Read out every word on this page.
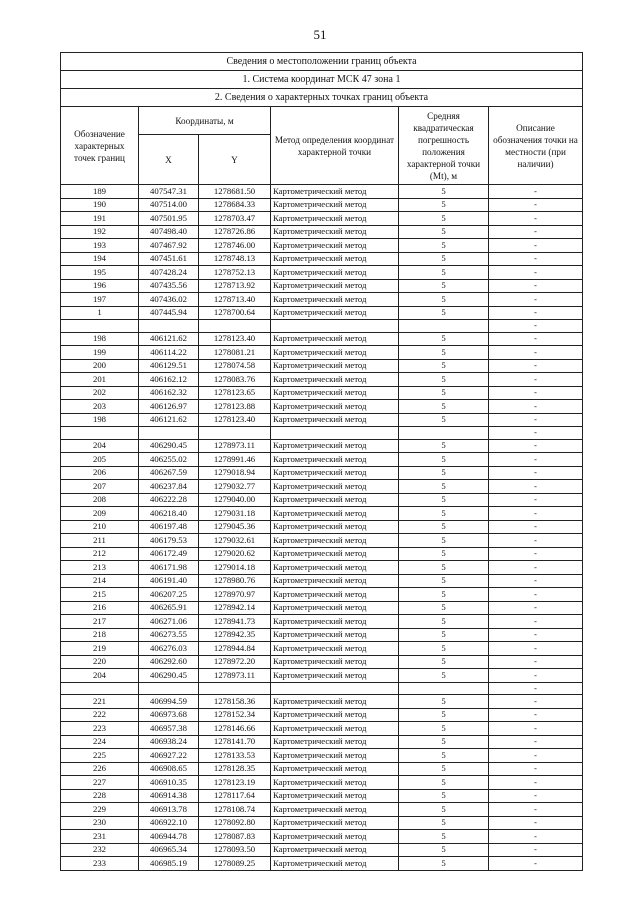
51
Сведения о местоположении границ объекта					
1. Система координат МСК 47 зона 1					
2. Сведения о характерных точках границ объекта					
Обозначение характерных точек границ	Координаты, м		Метод определения координат характерной точки	Средняя квадратическая погрешность положения характерной точки (Mt), м	Описание обозначения точки на местности (при наличии)
	X	Y			
189	407547.31	1278681.50	Картометрический метод	5	-
190	407514.00	1278684.33	Картометрический метод	5	-
191	407501.95	1278703.47	Картометрический метод	5	-
192	407498.40	1278726.86	Картометрический метод	5	-
193	407467.92	1278746.00	Картометрический метод	5	-
194	407451.61	1278748.13	Картометрический метод	5	-
195	407428.24	1278752.13	Картометрический метод	5	-
196	407435.56	1278713.92	Картометрический метод	5	-
197	407436.02	1278713.40	Картометрический метод	5	-
1	407445.94	1278700.64	Картометрический метод	5	-
					-
198	406121.62	1278123.40	Картометрический метод	5	-
199	406114.22	1278081.21	Картометрический метод	5	-
200	406129.51	1278074.58	Картометрический метод	5	-
201	406162.12	1278083.76	Картометрический метод	5	-
202	406162.32	1278123.65	Картометрический метод	5	-
203	406126.97	1278123.88	Картометрический метод	5	-
198	406121.62	1278123.40	Картометрический метод	5	-
					-
204	406290.45	1278973.11	Картометрический метод	5	-
205	406255.02	1278991.46	Картометрический метод	5	-
206	406267.59	1279018.94	Картометрический метод	5	-
207	406237.84	1279032.77	Картометрический метод	5	-
208	406222.28	1279040.00	Картометрический метод	5	-
209	406218.40	1279031.18	Картометрический метод	5	-
210	406197.48	1279045.36	Картометрический метод	5	-
211	406179.53	1279032.61	Картометрический метод	5	-
212	406172.49	1279020.62	Картометрический метод	5	-
213	406171.98	1279014.18	Картометрический метод	5	-
214	406191.40	1278980.76	Картометрический метод	5	-
215	406207.25	1278970.97	Картометрический метод	5	-
216	406265.91	1278942.14	Картометрический метод	5	-
217	406271.06	1278941.73	Картометрический метод	5	-
218	406273.55	1278942.35	Картометрический метод	5	-
219	406276.03	1278944.84	Картометрический метод	5	-
220	406292.60	1278972.20	Картометрический метод	5	-
204	406290.45	1278973.11	Картометрический метод	5	-
					-
221	406994.59	1278158.36	Картометрический метод	5	-
222	406973.68	1278152.34	Картометрический метод	5	-
223	406957.38	1278146.66	Картометрический метод	5	-
224	406938.24	1278141.70	Картометрический метод	5	-
225	406927.22	1278133.53	Картометрический метод	5	-
226	406908.65	1278128.35	Картометрический метод	5	-
227	406910.35	1278123.19	Картометрический метод	5	-
228	406914.38	1278117.64	Картометрический метод	5	-
229	406913.78	1278108.74	Картометрический метод	5	-
230	406922.10	1278092.80	Картометрический метод	5	-
231	406944.78	1278087.83	Картометрический метод	5	-
232	406965.34	1278093.50	Картометрический метод	5	-
233	406985.19	1278089.25	Картометрический метод	5	-
